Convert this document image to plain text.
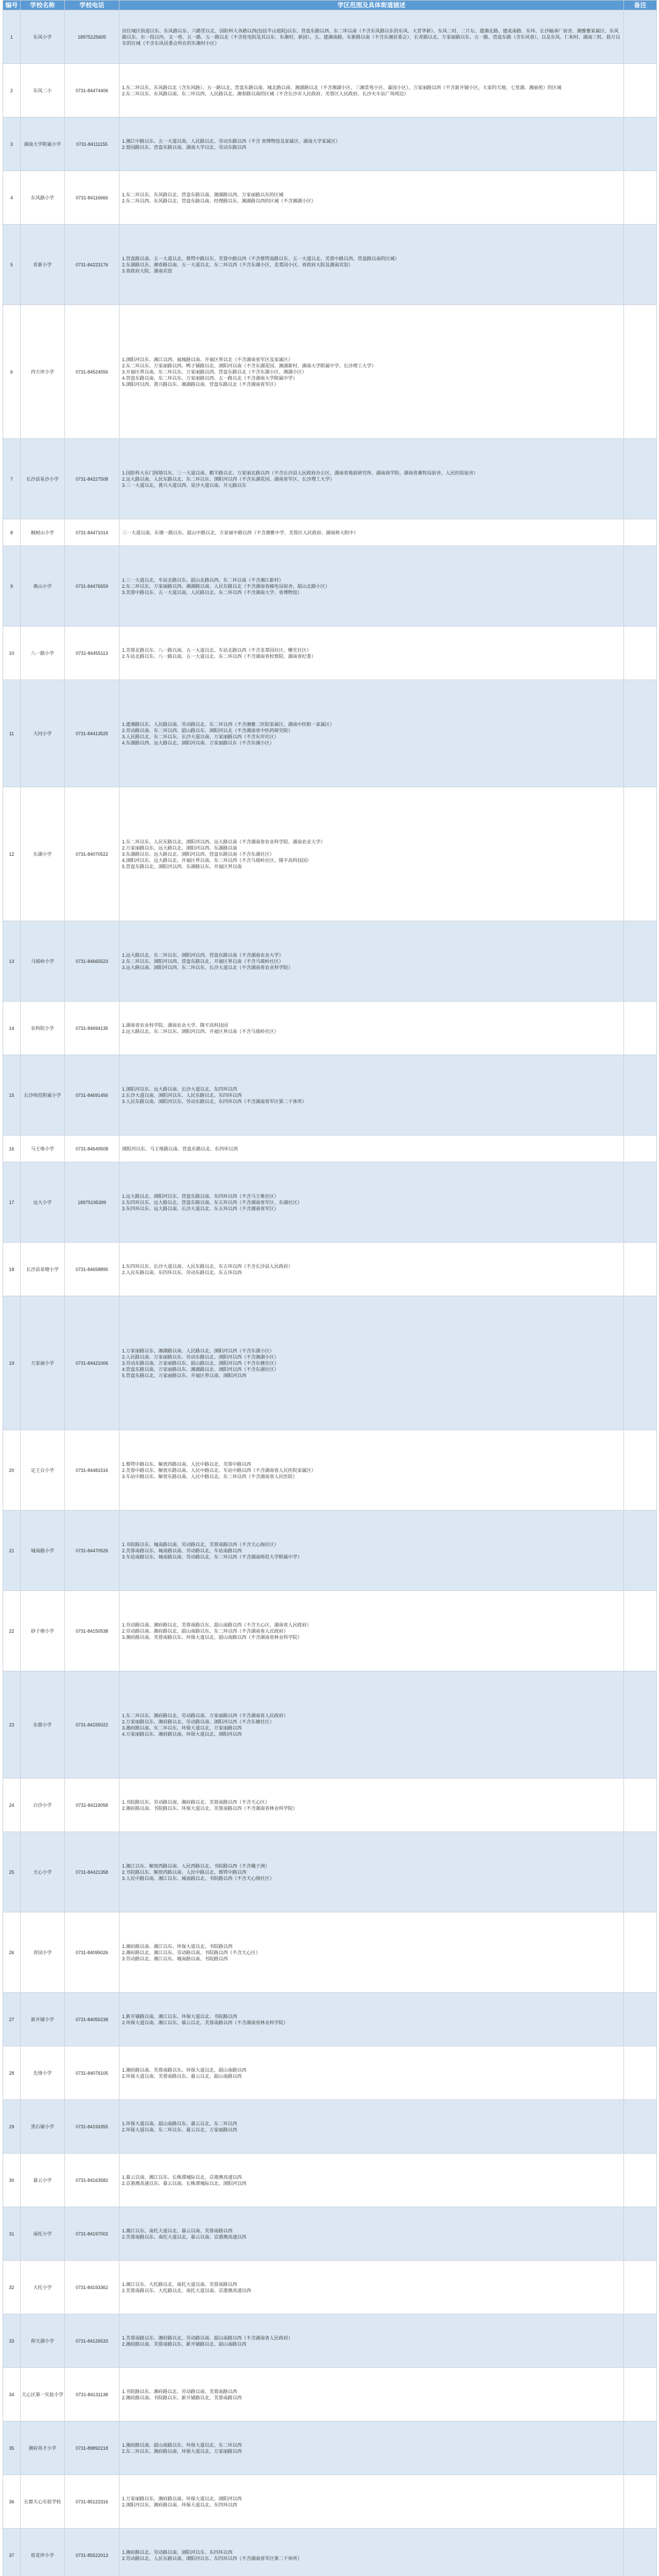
编号	学校名称	学校电话	学区范围及具体街道描述	备注
1	东风小学	18975125605	居住城区街道以东、东风路以东、六路里以北、国防科大各路以西(包括半山庭院)以东、营盘东路以西、东二环以南（不含东风路以东的东风、大晋华新）、东风二村、二片坛、建湘北路、建成南路、东环、长沙轴承厂宿舍、湘雅雅家属区、东风路以东、东一段以内、文一巷、五一路、五一路以北（不含桂电院及其以东、东湘村、新园）。五、建湘南路、东新路以南（不含东湘居委会）、长青路以北、万家丽路以东、五一路、营盘东路（含东风巷），以及东风、仁和村、湖南三机、晨月以东的区域（不含东风居委会所在的东湘村小区）	
2	东风二小	0731-84474406	1.东二环以东，东风路以北（含东风路）、五一路以北、营盘东路以南、城北路以南、湘湖路以北（不含湘湖小区、三湘景苑小区、嘉园小区），万家丽路以西（不含新开铺小区，大家的天地、七里湖、湘丽苑）的区域
2.东二环以东、东风路以南、东二环以西、人民路以北、湘春路以南的区域（不含长沙市人民政府、芙蓉区人民政府、长沙火车站广场周边）	
3	湖南大学附属小学	0731-84111155	1.湘江中路以东、五一大道以南、人民路以北、劳动东路以西（不含 省博物馆及家属区、湖南大学家属区）
2.蓉园路以东、营盘东路以南、湖南大学以北、劳动东路以西	
4	东风路小学	0731-84116666	1.东二环以东、东风路以北、营盘东路以南、湘湖路以西、万家丽路以东的区域
2.东二环以西、东风路以北、营盘东路以南、经理路以东、湘湖路以西的区域（不含湘湖小区）	
5	育新小学	0731-84223176	1.营盘路以南、五一大道以北、蔡锷中路以东、芙蓉中路以西（不含蔡锷南路以东、五一大道以北、芙蓉中路以西、营盘路以南的区域）
2.东湖路以东、湘春路以南、五一大道以北、东二环以西（不含东湖小区、韭菜园小区、省政府大院及湖南宾馆）
3.省政府大院、湖南宾馆	
6	四方坪小学	0731-84524556	1.浏阳河以东、湘江以西、福城路以南、开福区界以北（不含湖南省军区及家属区）
2.东二环以东、万家丽路以西、鸭子铺路以北、浏阳河以南（不含东湖花园、湘湖新村、湖南大学附属中学、长沙理工大学）
3.开福区界以南、东二环以东、万家丽路以西、营盘东路以北（不含东湖小区、湘湖小区）
4.营盘东路以南、东二环以东、万家丽路以西、五一路以北（不含湖南大学附属中学）
5.浏阳河以西、黄兴路以东、湘湖路以南、营盘东路以北（不含湖南省军区）	
7	长沙县星沙小学	0731-84227508	1.国防科大东门围墙以东、三一大道以南、鹅羊路以北、万家丽北路以西（不含长沙县人民政府办公区、湖南省地质研究所、湖南商学院、湖南省畜牧局宿舍、人民医院宿舍）
2.远大路以南、人民东路以北、东二环以东、浏阳河以西（不含东湖花园、湖南省军区、长沙理工大学）
3.三一大道以北、黄兴大道以西、星沙大道以南、开元路以东	
8	枫树山小学	0731-84471014	三一大道以南、东塘一路以东、韶山中路以北、万家丽中路以西（不含湘雅中学、芙蓉区人民政府、湖南师大附中）	
9	燕山小学	0731-84476559	1.三一大道以北、车站北路以东、韶山北路以西、东二环以南（不含湘江新村）
2.东二环以东、万家丽路以西、湘湖路以南、人民东路以北（不含湖南省邮电局宿舍、韶山北路小区）
3.芙蓉中路以东、五一大道以南、人民路以北、东二环以西（不含湖南大学、省博物馆）	
10	八一路小学	0731-84455113	1.芙蓉北路以东、八一路以南、五一大道以北、车站北路以西（不含韭菜园社区、曙光社区）
2.车站北路以东、八一路以南、五一大道以北、东二环以西（不含湖南省检察院、湖南省纪委）	
11	大同小学	0731-84413525	1.建湘路以东、人民路以南、劳动路以北、东二环以西（不含湘雅二医院家属区、湖南中医附一家属区）
2.劳动路以南、东二环以西、韶山路以东、浏阳河以北（不含湖南省中医药研究院）
3.人民路以北、东二环以东、长沙大道以南、万家丽路以西（不含东岸社区）
4.东湖路以西、远大路以北、浏阳河以南、万家丽路以东（不含东湖小区）	
12	东湖小学	0731-84070522	1.东二环以东、人民东路以北、浏阳河以西、远大路以南（不含湖南省农业科学院、湖南农业大学）
2.万家丽路以东、远大路以北、浏阳河以西、东湖路以南
3.东湖路以东、远大路以北、浏阳河以西、营盘东路以南（不含东湖社区）
4.浏阳河以东、远大路以北、开福区界以南、东二环以西（不含马坡岭社区、隆平高科技园）
5.营盘东路以北、浏阳河以西、东湖路以东、开福区界以南	
13	马坡岭小学	0731-84665523	1.远大路以北、东二环以东、浏阳河以西、营盘东路以南（不含湖南农业大学）
2.东二环以东、浏阳河以西、营盘东路以北、开福区界以南（不含马坡岭社区）
3.远大路以南、浏阳河以西、东二环以东、长沙大道以北（不含湖南省农业科学院）	
14	农科院小学	0731-84694135	1.湖南省农业科学院、湖南农业大学、隆平高科技园
2.远大路以北、东二环以东、浏阳河以西、开福区界以南（不含马坡岭社区）	
15	长沙师范附属小学	0731-84691456	1.浏阳河以东、远大路以南、长沙大道以北、东四环以西
2.长沙大道以南、浏阳河以东、人民东路以北、东四环以西
3.人民东路以南、浏阳河以东、劳动东路以北、东四环以西（不含湖南省军区第二干休所）	
16	马王堆小学	0731-84649508	浏阳河以东、马王堆路以南、营盘东路以北、东四环以西	
17	远大小学	18975195399	1.远大路以北、浏阳河以东、营盘东路以南、东四环以西（不含马王堆社区）
2.东四环以东、远大路以北、营盘东路以南、东五环以西（不含湖南省军区、东湖社区）
3.东四环以东、远大路以南、长沙大道以北、东五环以西（不含湖南省军区）	
18	长沙县泉塘小学	0731-84658895	1.东四环以东、长沙大道以南、人民东路以北、东五环以西（不含长沙县人民政府）
2.人民东路以南、东四环以东、劳动东路以北、东五环以西	
19	万家丽小学	0731-84421006	1.万家丽路以东、湘湖路以南、人民路以北、浏阳河以西（不含东湖小区）
2.人民路以南、万家丽路以东、劳动东路以北、浏阳河以西（不含湘湖小区）
3.劳动东路以南、万家丽路以东、韶山路以北、浏阳河以西（不含东塘社区）
4.营盘东路以南、万家丽路以东、湘湖路以北、浏阳河以西（不含东湖社区）
5.营盘东路以北、万家丽路以东、开福区界以南、浏阳河以西	
20	定王台小学	0731-84481516	1.蔡锷中路以东、解放西路以南、人民中路以北、芙蓉中路以西
2.芙蓉中路以东、解放东路以南、人民中路以北、车站中路以西（不含湖南省人民医院家属区）
3.车站中路以东、解放东路以南、人民中路以北、东二环以西（不含湖南省人民医院）	
21	城南路小学	0731-84470526	1.书院路以东、城南路以南、劳动路以北、芙蓉南路以西（不含天心阁社区）
2.芙蓉南路以东、城南路以南、劳动路以北、车站南路以西
3.车站南路以东、城南路以南、劳动路以北、东二环以西（不含湖南师范大学附属中学）	
22	砂子塘小学	0731-84150538	1.劳动路以南、湘府路以北、芙蓉南路以东、韶山南路以西（不含天心区、湖南省人民政府）
2.劳动路以南、湘府路以北、韶山南路以东、东二环以西（不含湖南省人民政府）
3.湘府路以南、芙蓉南路以东、环保大道以北、韶山南路以西（不含湖南省林业科学院）	
23	东郡小学	0731-84155022	1.东二环以东、湘府路以北、劳动路以南、万家丽路以西（不含湖南省人民政府）
2.万家丽路以东、湘府路以北、劳动路以南、浏阳河以西（不含东塘社区）
3.湘府路以南、东二环以东、环保大道以北、万家丽路以西
4.万家丽路以东、湘府路以南、环保大道以北、浏阳河以西	
24	白沙小学	0731-84119058	1.书院路以东、劳动路以南、湘府路以北、芙蓉南路以西（不含天心区）
2.湘府路以南、书院路以东、环保大道以北、芙蓉南路以西（不含湖南省林业科学院）	
25	天心小学	0731-84421358	1.湘江以东、解放西路以南、人民西路以北、书院路以西（不含橘子洲）
2.书院路以东、解放西路以南、人民中路以北、蔡锷中路以西
3.人民中路以南、湘江以东、城南路以北、书院路以西（不含天心阁社区）	
26	青园小学	0731-84095026	1.湘府路以南、湘江以东、环保大道以北、书院路以西
2.湘府路以北、湘江以东、劳动路以南、书院路以西（不含天心区）
3.劳动路以北、湘江以东、城南路以南、书院路以西	
27	新开铺小学	0731-84055238	1.新开铺路以南、湘江以东、环保大道以北、书院路以西
2.环保大道以南、湘江以东、暮云以北、芙蓉南路以西（不含湖南省林业科学院）	
28	先锋小学	0731-84076105	1.湘府路以南、芙蓉南路以东、环保大道以北、韶山南路以西
2.环保大道以南、芙蓉南路以东、暮云以北、韶山南路以西	
29	黑石铺小学	0731-84193355	1.环保大道以南、韶山南路以东、暮云以北、东二环以西
2.环保大道以南、东二环以东、暮云以北、万家丽路以西	
30	暮云小学	0731-84163582	1.暮云以南、湘江以东、长株潭城际以北、京港澳高速以西
2.京港澳高速以东、暮云以南、长株潭城际以北、浏阳河以西	
31	南托小学	0731-84197002	1.湘江以东、南托大道以北、暮云以南、芙蓉南路以西
2.芙蓉南路以东、南托大道以北、暮云以南、京港澳高速以西	
32	大托小学	0731-84193362	1.湘江以东、大托路以北、南托大道以南、芙蓉南路以西
2.芙蓉南路以东、大托路以北、南托大道以南、京港澳高速以西	
33	仰天湖小学	0731-84126533	1.芙蓉南路以东、湘府路以北、劳动路以南、韶山南路以西（不含湖南省人民政府）
2.湘府路以南、芙蓉南路以东、新开铺路以北、韶山南路以西	
34	天心区第一实验小学	0731-84131138	1.书院路以东、湘府路以北、劳动路以南、芙蓉南路以西
2.湘府路以南、书院路以东、新开铺路以北、芙蓉南路以西	
35	湘府英才小学	0731-89892218	1.湘府路以南、韶山南路以东、环保大道以北、东二环以西
2.东二环以东、湘府路以南、环保大道以北、万家丽路以西	
36	长郡天心实验学校	0731-85122316	1.万家丽路以东、湘府路以南、环保大道以北、浏阳河以西
2.浏阳河以东、湘府路以南、环保大道以北、东四环以西	
37	桂花坪小学	0731-85522013	1.湘府路以北、劳动路以南、浏阳河以东、东四环以西
2.劳动路以北、人民东路以南、浏阳河以东、东四环以西（不含湖南省军区第二干休所）	
